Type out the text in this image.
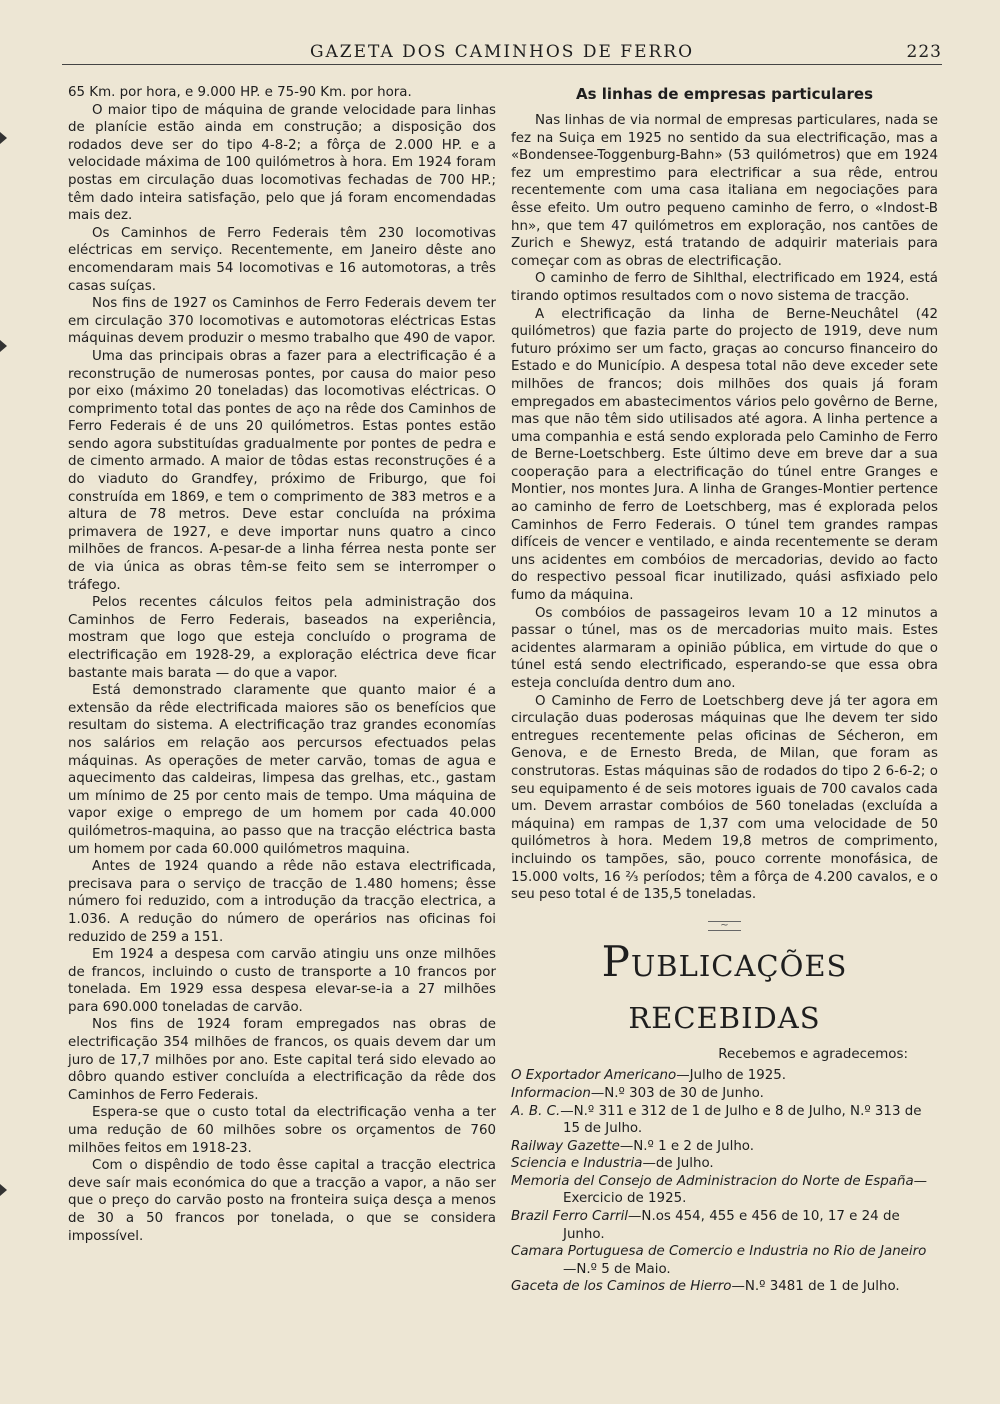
GAZETA DOS CAMINHOS DE FERRO	223

65 Km. por hora, e 9.000 HP. e 75-90 Km. por hora.

O maior tipo de máquina de grande velocidade para linhas de planície estão ainda em construção; a disposição dos rodados deve ser do tipo 4-8-2; a fôrça de 2.000 HP. e a velocidade máxima de 100 quilómetros à hora. Em 1924 foram postas em circulação duas locomotivas fechadas de 700 HP.; têm dado inteira satisfação, pelo que já foram encomendadas mais dez.

Os Caminhos de Ferro Federais têm 230 locomotivas eléctricas em serviço. Recentemente, em Janeiro dêste ano encomendaram mais 54 locomotivas e 16 automotoras, a três casas suíças.

Nos fins de 1927 os Caminhos de Ferro Federais devem ter em circulação 370 locomotivas e automotoras eléctricas Estas máquinas devem produzir o mesmo trabalho que 490 de vapor.

Uma das principais obras a fazer para a electrificação é a reconstrução de numerosas pontes, por causa do maior peso por eixo (máximo 20 toneladas) das locomotivas eléctricas. O comprimento total das pontes de aço na rêde dos Caminhos de Ferro Federais é de uns 20 quilómetros. Estas pontes estão sendo agora substituídas gradualmente por pontes de pedra e de cimento armado. A maior de tôdas estas reconstruções é a do viaduto do Grandfey, próximo de Friburgo, que foi construída em 1869, e tem o comprimento de 383 metros e a altura de 78 metros. Deve estar concluída na próxima primavera de 1927, e deve importar nuns quatro a cinco milhões de francos. A-pesar-de a linha férrea nesta ponte ser de via única as obras têm-se feito sem se interromper o tráfego.

Pelos recentes cálculos feitos pela administração dos Caminhos de Ferro Federais, baseados na experiência, mostram que logo que esteja concluído o programa de electrificação em 1928-29, a exploração eléctrica deve ficar bastante mais barata — do que a vapor.

Está demonstrado claramente que quanto maior é a extensão da rêde electrificada maiores são os benefícios que resultam do sistema. A electrificação traz grandes economías nos salários em relação aos percursos efectuados pelas máquinas. As operações de meter carvão, tomas de agua e aquecimento das caldeiras, limpesa das grelhas, etc., gastam um mínimo de 25 por cento mais de tempo. Uma máquina de vapor exige o emprego de um homem por cada 40.000 quilómetros-maquina, ao passo que na tracção eléctrica basta um homem por cada 60.000 quilómetros maquina.

Antes de 1924 quando a rêde não estava electrificada, precisava para o serviço de tracção de 1.480 homens; êsse número foi reduzido, com a introdução da tracção electrica, a 1.036. A redução do número de operários nas oficinas foi reduzido de 259 a 151.

Em 1924 a despesa com carvão atingiu uns onze milhões de francos, incluindo o custo de transporte a 10 francos por tonelada. Em 1929 essa despesa elevar-se-ia a 27 milhões para 690.000 toneladas de carvão.

Nos fins de 1924 foram empregados nas obras de electrificação 354 milhões de francos, os quais devem dar um juro de 17,7 milhões por ano. Este capital terá sido elevado ao dôbro quando estiver concluída a electrificação da rêde dos Caminhos de Ferro Federais.

Espera-se que o custo total da electrificação venha a ter uma redução de 60 milhões sobre os orçamentos de 760 milhões feitos em 1918-23.

Com o dispêndio de todo êsse capital a tracção electrica deve saír mais económica do que a tracção a vapor, a não ser que o preço do carvão posto na fronteira suiça desça a menos de 30 a 50 francos por tonelada, o que se considera impossível.

As linhas de empresas particulares

Nas linhas de via normal de empresas particulares, nada se fez na Suiça em 1925 no sentido da sua electrificação, mas a «Bondensee-Toggenburg-Bahn» (53 quilómetros) que em 1924 fez um emprestimo para electrificar a sua rêde, entrou recentemente com uma casa italiana em negociações para êsse efeito. Um outro pequeno caminho de ferro, o «Indost-B hn», que tem 47 quilómetros em exploração, nos cantões de Zurich e Shewyz, está tratando de adquirir materiais para começar com as obras de electrificação.

O caminho de ferro de Sihlthal, electrificado em 1924, está tirando optimos resultados com o novo sistema de tracção.

A electrificação da linha de Berne-Neuchâtel (42 quilómetros) que fazia parte do projecto de 1919, deve num futuro próximo ser um facto, graças ao concurso financeiro do Estado e do Município. A despesa total não deve exceder sete milhões de francos; dois milhões dos quais já foram empregados em abastecimentos vários pelo govêrno de Berne, mas que não têm sido utilisados até agora. A linha pertence a uma companhia e está sendo explorada pelo Caminho de Ferro de Berne-Loetschberg. Este último deve em breve dar a sua cooperação para a electrificação do túnel entre Granges e Montier, nos montes Jura. A linha de Granges-Montier pertence ao caminho de ferro de Loetschberg, mas é explorada pelos Caminhos de Ferro Federais. O túnel tem grandes rampas difíceis de vencer e ventilado, e ainda recentemente se deram uns acidentes em combóios de mercadorias, devido ao facto do respectivo pessoal ficar inutilizado, quási asfixiado pelo fumo da máquina.

Os combóios de passageiros levam 10 a 12 minutos a passar o túnel, mas os de mercadorias muito mais. Estes acidentes alarmaram a opinião pública, em virtude do que o túnel está sendo electrificado, esperando-se que essa obra esteja concluída dentro dum ano.

O Caminho de Ferro de Loetschberg deve já ter agora em circulação duas poderosas máquinas que lhe devem ter sido entregues recentemente pelas oficinas de Sécheron, em Genova, e de Ernesto Breda, de Milan, que foram as construtoras. Estas máquinas são de rodados do tipo 2 6-6-2; o seu equipamento é de seis motores iguais de 700 cavalos cada um. Devem arrastar combóios de 560 toneladas (excluída a máquina) em rampas de 1,37 com uma velocidade de 50 quilómetros à hora. Medem 19,8 metros de comprimento, incluindo os tampões, são, pouco corrente monofásica, de 15.000 volts, 16 ⅔ períodos; têm a fôrça de 4.200 cavalos, e o seu peso total é de 135,5 toneladas.

~
Publicações recebidas
Recebemos e agradecemos:
O Exportador Americano—Julho de 1925.
Informacion—N.º 303 de 30 de Junho.
A. B. C.—N.º 311 e 312 de 1 de Julho e 8 de Julho, N.º 313 de 15 de Julho.
Railway Gazette—N.º 1 e 2 de Julho.
Sciencia e Industria—de Julho.
Memoria del Consejo de Administracion do Norte de España—Exercicio de 1925.
Brazil Ferro Carril—N.os 454, 455 e 456 de 10, 17 e 24 de Junho.
Camara Portuguesa de Comercio e Industria no Rio de Janeiro—N.º 5 de Maio.
Gaceta de los Caminos de Hierro—N.º 3481 de 1 de Julho.
